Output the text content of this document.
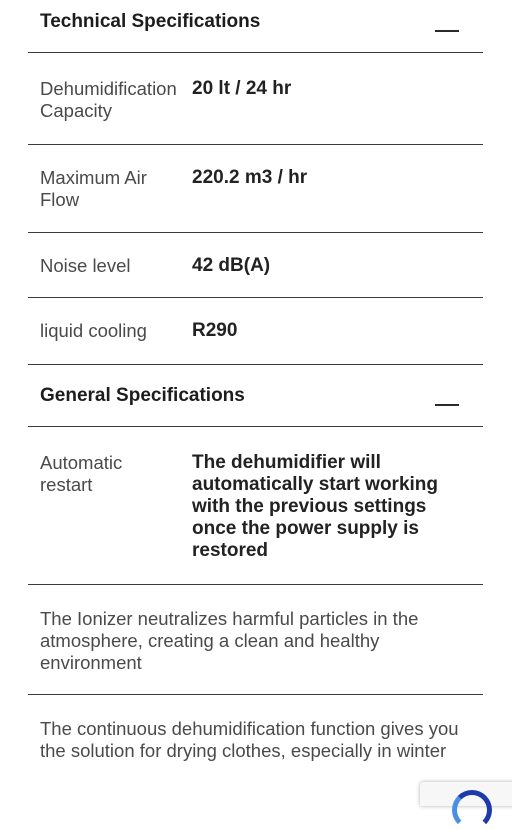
Technical Specifications
Dehumidification Capacity
20 lt / 24 hr
Maximum Air Flow
220.2 m3 / hr
Noise level	42 dB(A)
liquid cooling	R290
General Specifications
Automatic restart
The dehumidifier will automatically start working with the previous settings once the power supply is restored
The Ionizer neutralizes harmful particles in the atmosphere, creating a clean and healthy environment
The continuous dehumidification function gives you the solution for drying clothes, especially in winter
